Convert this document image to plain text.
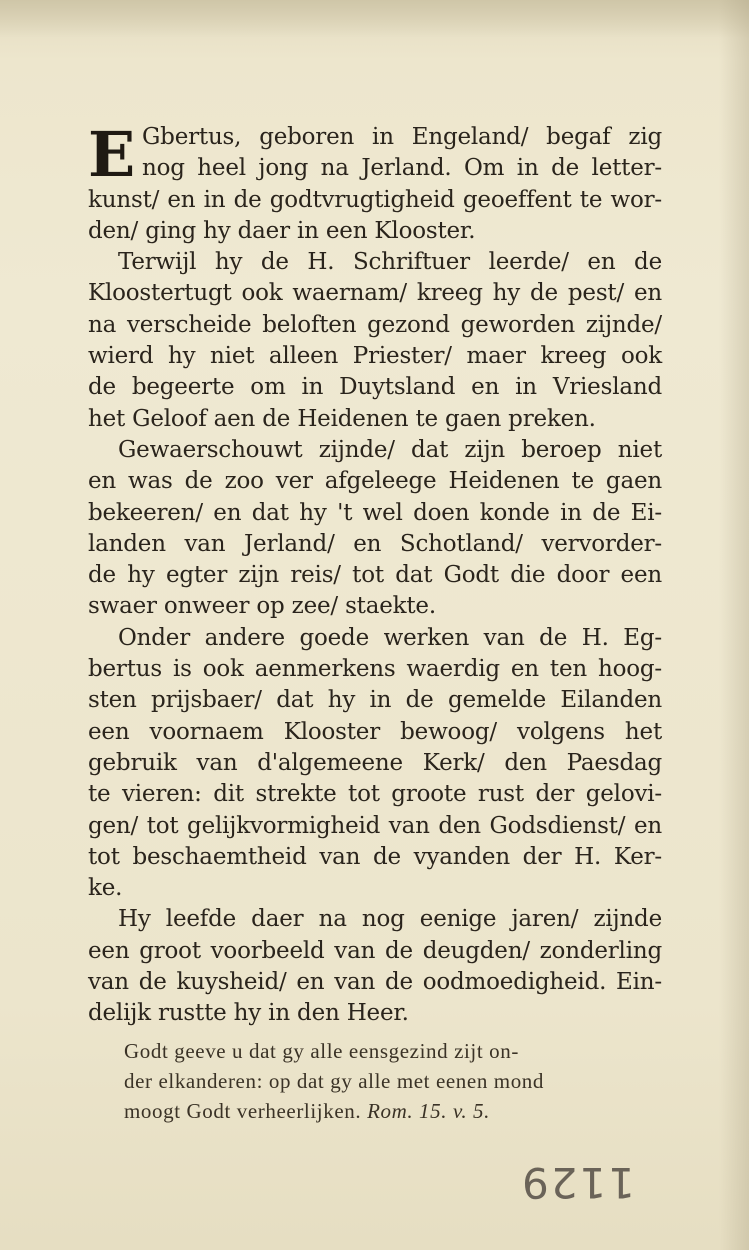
E Gbertus, geboren in Engeland/ begaf zig
nog heel jong na Jerland. Om in de letter-
kunst/ en in de godtvrugtigheid geoeffent te wor-
den/ ging hy daer in een Klooster.
Terwijl hy de H. Schriftuer leerde/ en de
Kloostertugt ook waernam/ kreeg hy de pest/ en
na verscheide beloften gezond geworden zijnde/
wierd hy niet alleen Priester/ maer kreeg ook
de begeerte om in Duytsland en in Vriesland
het Geloof aen de Heidenen te gaen preken.
Gewaerschouwt zijnde/ dat zijn beroep niet
en was de zoo ver afgeleege Heidenen te gaen
bekeeren/ en dat hy 't wel doen konde in de Ei-
landen van Jerland/ en Schotland/ vervorder-
de hy egter zijn reis/ tot dat Godt die door een
swaer onweer op zee/ staekte.
Onder andere goede werken van de H. Eg-
bertus is ook aenmerkens waerdig en ten hoog-
sten prijsbaer/ dat hy in de gemelde Eilanden
een voornaem Klooster bewoog/ volgens het
gebruik van d'algemeene Kerk/ den Paesdag
te vieren: dit strekte tot groote rust der gelovi-
gen/ tot gelijkvormigheid van den Godsdienst/ en
tot beschaemtheid van de vyanden der H. Ker-
ke.
Hy leefde daer na nog eenige jaren/ zijnde
een groot voorbeeld van de deugden/ zonderling
van de kuysheid/ en van de oodmoedigheid. Ein-
delijk rustte hy in den Heer.
Godt geeve u dat gy alle eensgezind zijt on-
der elkanderen: op dat gy alle met eenen mond
moogt Godt verheerlijken. Rom. 15. v. 5.
1129
